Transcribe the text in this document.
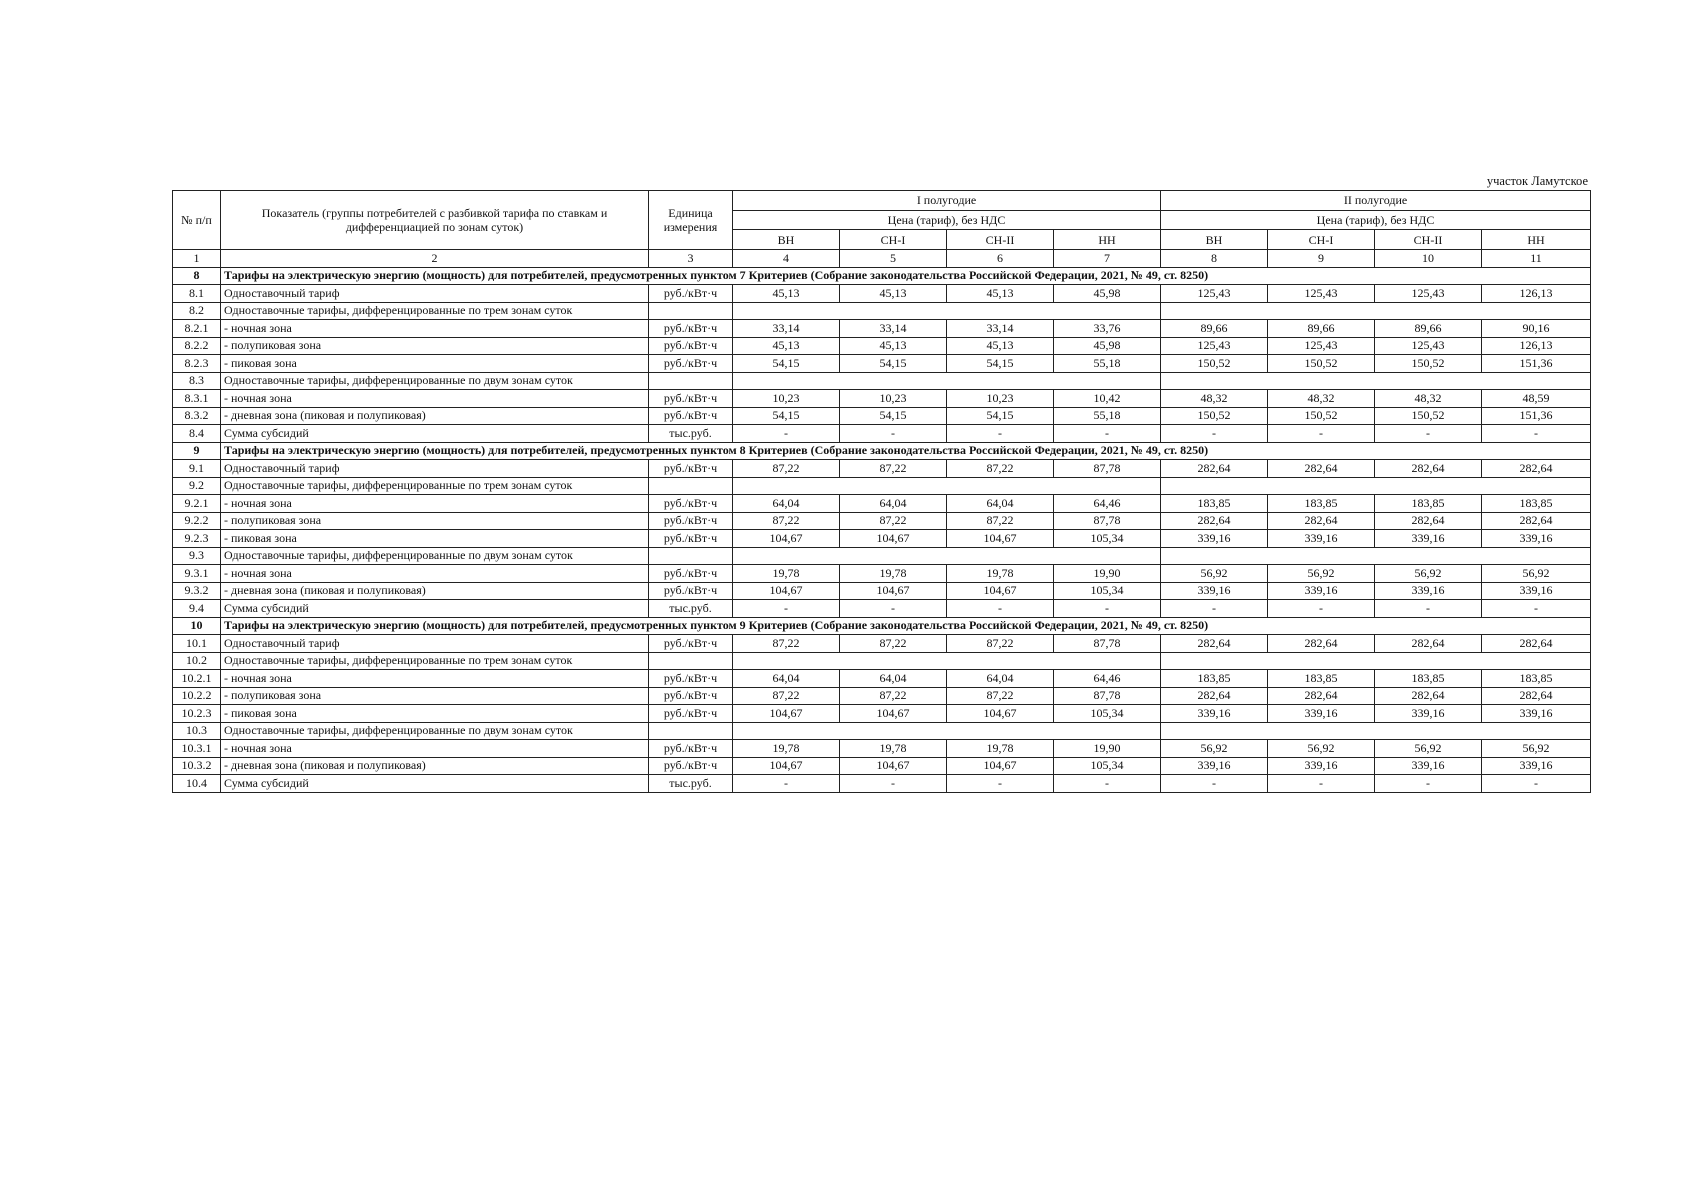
участок Ламутское
№ п/п	Показатель (группы потребителей с разбивкой тарифа по ставкам и дифференциацией по зонам суток)	Единица измерения	I полугодие				II полугодие			
			Цена (тариф), без НДС				Цена (тариф), без НДС			
			ВН	СН-I	СН-II	НН	ВН	СН-I	СН-II	НН
1	2	3	4	5	6	7	8	9	10	11
8	Тарифы на электрическую энергию (мощность) для потребителей, предусмотренных пунктом 7 Критериев (Собрание законодательства Российской Федерации, 2021, № 49, ст. 8250)									
8.1	Одноставочный тариф	руб./кВт·ч	45,13	45,13	45,13	45,98	125,43	125,43	125,43	126,13
8.2	Одноставочные тарифы, дифференцированные по трем зонам суток									
8.2.1	- ночная зона	руб./кВт·ч	33,14	33,14	33,14	33,76	89,66	89,66	89,66	90,16
8.2.2	- полупиковая зона	руб./кВт·ч	45,13	45,13	45,13	45,98	125,43	125,43	125,43	126,13
8.2.3	- пиковая зона	руб./кВт·ч	54,15	54,15	54,15	55,18	150,52	150,52	150,52	151,36
8.3	Одноставочные тарифы, дифференцированные по двум зонам суток									
8.3.1	- ночная зона	руб./кВт·ч	10,23	10,23	10,23	10,42	48,32	48,32	48,32	48,59
8.3.2	- дневная зона (пиковая и полупиковая)	руб./кВт·ч	54,15	54,15	54,15	55,18	150,52	150,52	150,52	151,36
8.4	Сумма субсидий	тыс.руб.	-	-	-	-	-	-	-	-
9	Тарифы на электрическую энергию (мощность) для потребителей, предусмотренных пунктом 8 Критериев (Собрание законодательства Российской Федерации, 2021, № 49, ст. 8250)									
9.1	Одноставочный тариф	руб./кВт·ч	87,22	87,22	87,22	87,78	282,64	282,64	282,64	282,64
9.2	Одноставочные тарифы, дифференцированные по трем зонам суток									
9.2.1	- ночная зона	руб./кВт·ч	64,04	64,04	64,04	64,46	183,85	183,85	183,85	183,85
9.2.2	- полупиковая зона	руб./кВт·ч	87,22	87,22	87,22	87,78	282,64	282,64	282,64	282,64
9.2.3	- пиковая зона	руб./кВт·ч	104,67	104,67	104,67	105,34	339,16	339,16	339,16	339,16
9.3	Одноставочные тарифы, дифференцированные по двум зонам суток									
9.3.1	- ночная зона	руб./кВт·ч	19,78	19,78	19,78	19,90	56,92	56,92	56,92	56,92
9.3.2	- дневная зона (пиковая и полупиковая)	руб./кВт·ч	104,67	104,67	104,67	105,34	339,16	339,16	339,16	339,16
9.4	Сумма субсидий	тыс.руб.	-	-	-	-	-	-	-	-
10	Тарифы на электрическую энергию (мощность) для потребителей, предусмотренных пунктом 9 Критериев (Собрание законодательства Российской Федерации, 2021, № 49, ст. 8250)									
10.1	Одноставочный тариф	руб./кВт·ч	87,22	87,22	87,22	87,78	282,64	282,64	282,64	282,64
10.2	Одноставочные тарифы, дифференцированные по трем зонам суток									
10.2.1	- ночная зона	руб./кВт·ч	64,04	64,04	64,04	64,46	183,85	183,85	183,85	183,85
10.2.2	- полупиковая зона	руб./кВт·ч	87,22	87,22	87,22	87,78	282,64	282,64	282,64	282,64
10.2.3	- пиковая зона	руб./кВт·ч	104,67	104,67	104,67	105,34	339,16	339,16	339,16	339,16
10.3	Одноставочные тарифы, дифференцированные по двум зонам суток									
10.3.1	- ночная зона	руб./кВт·ч	19,78	19,78	19,78	19,90	56,92	56,92	56,92	56,92
10.3.2	- дневная зона (пиковая и полупиковая)	руб./кВт·ч	104,67	104,67	104,67	105,34	339,16	339,16	339,16	339,16
10.4	Сумма субсидий	тыс.руб.	-	-	-	-	-	-	-	-
